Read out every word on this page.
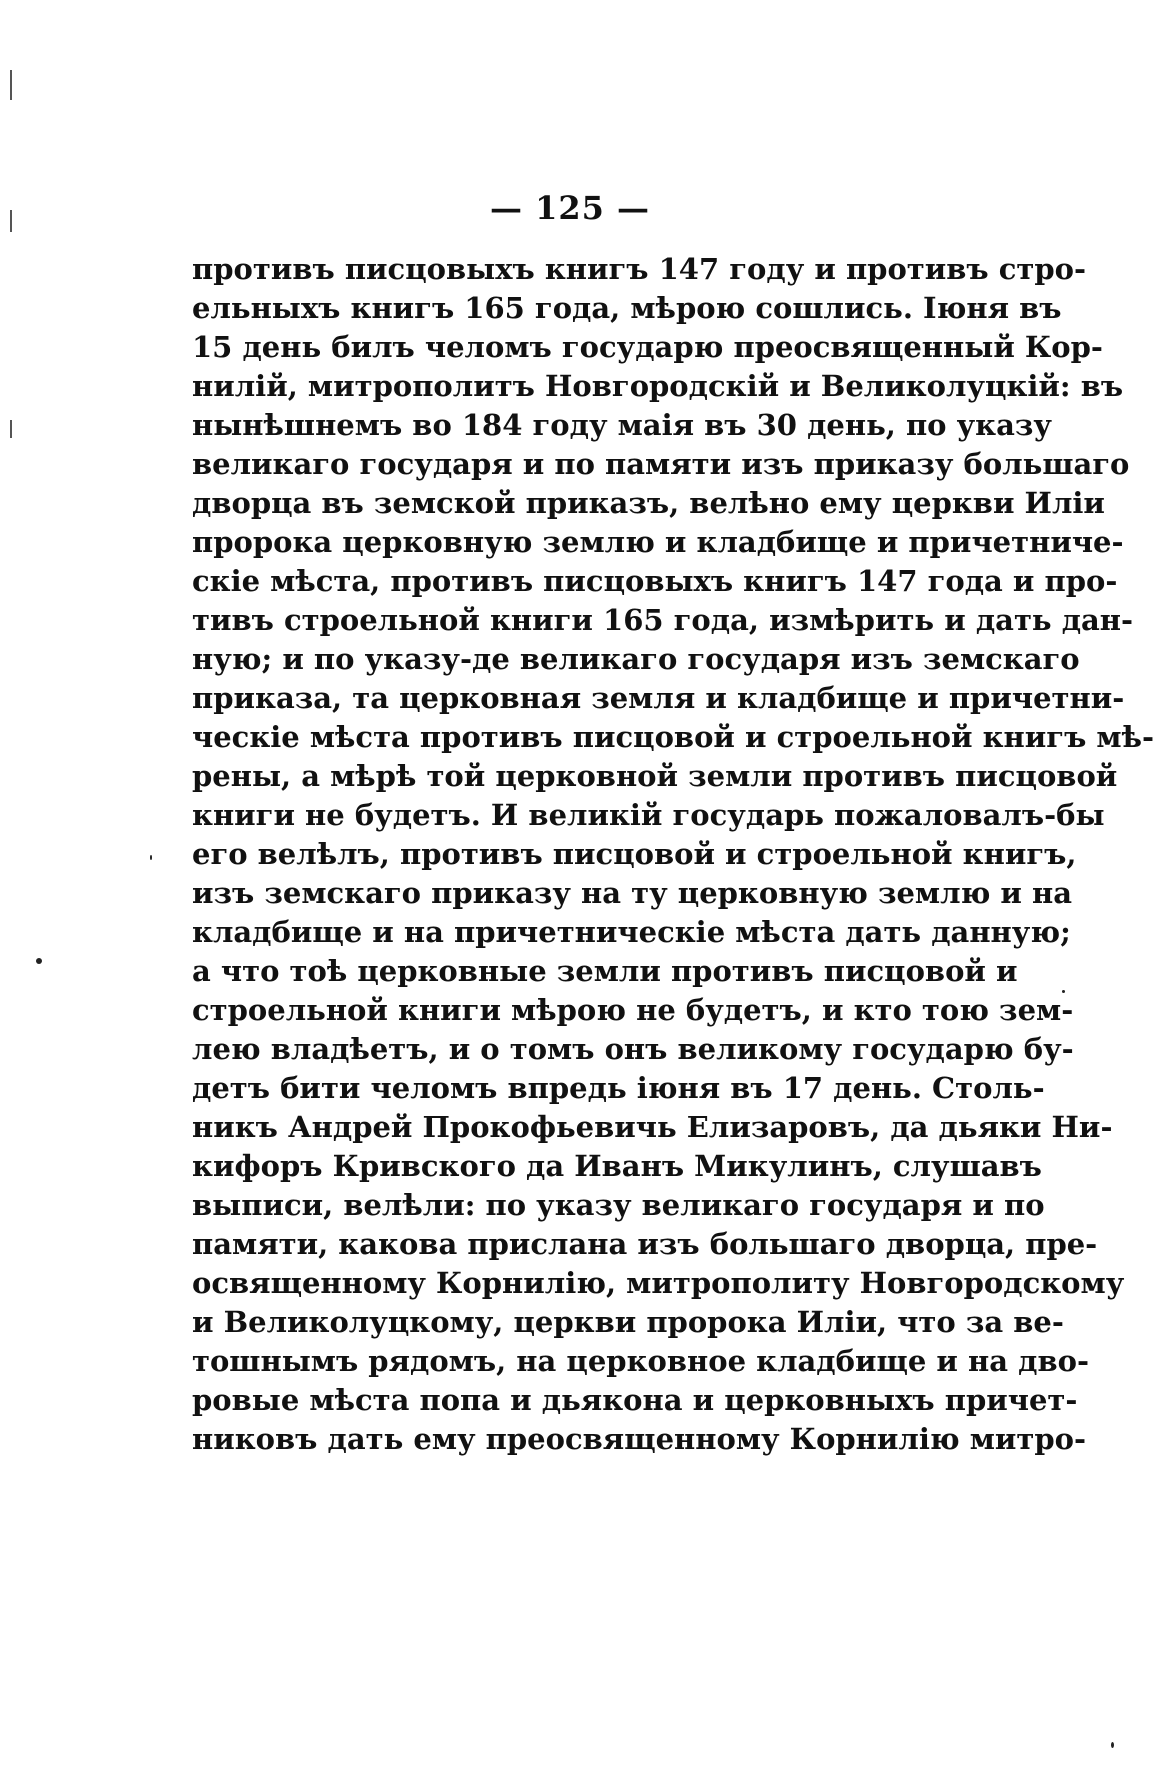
— 125 —
противъ писцовыхъ книгъ 147 году и противъ стро-
ельныхъ книгъ 165 года, мѣрою сошлись. Іюня въ
15 день билъ челомъ государю преосвященный Кор-
нилій, митрополитъ Новгородскій и Великолуцкій: въ
нынѣшнемъ во 184 году маія въ 30 день, по указу
великаго государя и по памяти изъ приказу большаго
дворца въ земской приказъ, велѣно ему церкви Иліи
пророка церковную землю и кладбище и причетниче-
скіе мѣста, противъ писцовыхъ книгъ 147 года и про-
тивъ строельной книги 165 года, измѣрить и дать дан-
ную; и по указу-де великаго государя изъ земскаго
приказа, та церковная земля и кладбище и причетни-
ческіе мѣста противъ писцовой и строельной книгъ мѣ-
рены, а мѣрѣ той церковной земли противъ писцовой
книги не будетъ. И великій государь пожаловалъ-бы
его велѣлъ, противъ писцовой и строельной книгъ,
изъ земскаго приказу на ту церковную землю и на
кладбище и на причетническіе мѣста дать данную;
а что тоѣ церковные земли противъ писцовой и
строельной книги мѣрою не будетъ, и кто тою зем-
лею владѣетъ, и о томъ онъ великому государю бу-
детъ бити челомъ впредь іюня въ 17 день. Столь-
никъ Андрей Прокофьевичь Елизаровъ, да дьяки Ни-
кифоръ Кривского да Иванъ Микулинъ, слушавъ
выписи, велѣли: по указу великаго государя и по
памяти, какова прислана изъ большаго дворца, пре-
освященному Корнилію, митрополиту Новгородскому
и Великолуцкому, церкви пророка Иліи, что за ве-
тошнымъ рядомъ, на церковное кладбище и на дво-
ровые мѣста попа и дьякона и церковныхъ причет-
никовъ дать ему преосвященному Корнилію митро-
